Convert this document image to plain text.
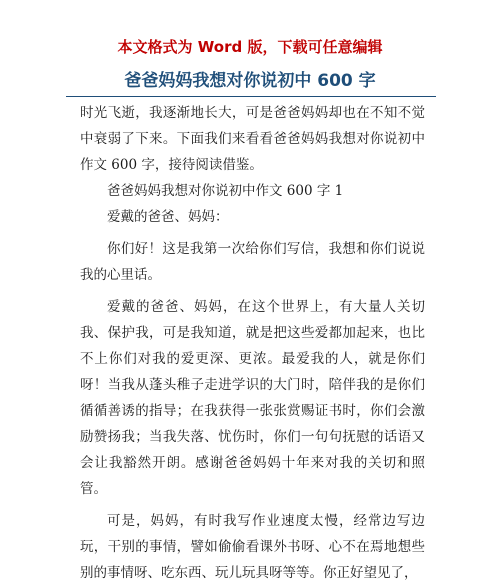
本文格式为 Word 版，下载可任意编辑
爸爸妈妈我想对你说初中 600 字

时光飞逝，我逐渐地长大，可是爸爸妈妈却也在不知不觉中衰弱了下来。下面我们来看看爸爸妈妈我想对你说初中作文 600 字，接待阅读借鉴。

爸爸妈妈我想对你说初中作文 600 字 1

爱戴的爸爸、妈妈：

你们好！这是我第一次给你们写信，我想和你们说说我的心里话。

爱戴的爸爸、妈妈，在这个世界上，有大量人关切我、保护我，可是我知道，就是把这些爱都加起来，也比不上你们对我的爱更深、更浓。最爱我的人，就是你们呀！当我从蓬头稚子走进学识的大门时，陪伴我的是你们循循善诱的指导；在我获得一张张赏赐证书时，你们会激励赞扬我；当我失落、忧伤时，你们一句句抚慰的话语又会让我豁然开朗。感谢爸爸妈妈十年来对我的关切和照管。

可是，妈妈，有时我写作业速度太慢，经常边写边玩，干别的事情，譬如偷偷看课外书呀、心不在焉地想些别的事情呀、吃东西、玩儿玩具呀等等。你正好望见了，
